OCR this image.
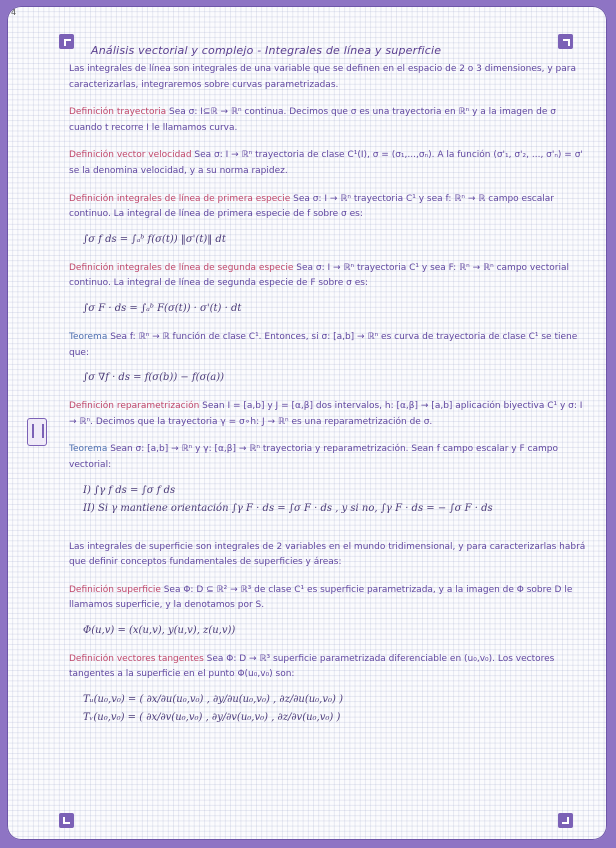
4
Análisis vectorial y complejo - Integrales de línea y superficie

Las integrales de línea son integrales de una variable que se definen en el espacio de 2 o 3 dimensiones, y para caracterizarlas, integraremos sobre curvas parametrizadas.

Definición trayectoria Sea σ: I⊆ℝ → ℝⁿ continua. Decimos que σ es una trayectoria en ℝⁿ y a la imagen de σ cuando t recorre I le llamamos curva.

Definición vector velocidad Sea σ: I → ℝⁿ trayectoria de clase C¹(I), σ = (σ₁,...,σₙ). A la función (σ'₁, σ'₂, ..., σ'ₙ) = σ' se la denomina velocidad, y a su norma rapidez.

Definición integrales de línea de primera especie Sea σ: I → ℝⁿ trayectoria C¹ y sea f: ℝⁿ → ℝ campo escalar continuo. La integral de línea de primera especie de f sobre σ es:

∫σ f ds = ∫ₐᵇ f(σ(t)) ‖σ'(t)‖ dt

Definición integrales de línea de segunda especie Sea σ: I → ℝⁿ trayectoria C¹ y sea F: ℝⁿ → ℝⁿ campo vectorial continuo. La integral de línea de segunda especie de F sobre σ es:

∫σ F · ds = ∫ₐᵇ F(σ(t)) · σ'(t) · dt

Teorema Sea f: ℝⁿ → ℝ función de clase C¹. Entonces, si σ: [a,b] → ℝⁿ es curva de trayectoria de clase C¹ se tiene que:

∫σ ∇f · ds = f(σ(b)) − f(σ(a))

Definición reparametrización Sean I = [a,b] y J = [α,β] dos intervalos, h: [α,β] → [a,b] aplicación biyectiva C¹ y σ: I → ℝⁿ. Decimos que la trayectoria γ = σ∘h: J → ℝⁿ es una reparametrización de σ.

Teorema Sean σ: [a,b] → ℝⁿ y γ: [α,β] → ℝⁿ trayectoria y reparametrización. Sean f campo escalar y F campo vectorial:

I) ∫γ f ds = ∫σ f ds
II) Si γ mantiene orientación ∫γ F · ds = ∫σ F · ds , y si no, ∫γ F · ds = − ∫σ F · ds

Las integrales de superficie son integrales de 2 variables en el mundo tridimensional, y para caracterizarlas habrá que definir conceptos fundamentales de superficies y áreas:

Definición superficie Sea Φ: D ⊆ ℝ² → ℝ³ de clase C¹ es superficie parametrizada, y a la imagen de Φ sobre D le llamamos superficie, y la denotamos por S.

Φ(u,v) = (x(u,v), y(u,v), z(u,v))

Definición vectores tangentes Sea Φ: D → ℝ³ superficie parametrizada diferenciable en (u₀,v₀). Los vectores tangentes a la superficie en el punto Φ(u₀,v₀) son:

Tᵤ(u₀,v₀) = ( ∂x/∂u(u₀,v₀) , ∂y/∂u(u₀,v₀) , ∂z/∂u(u₀,v₀) )
Tᵥ(u₀,v₀) = ( ∂x/∂v(u₀,v₀) , ∂y/∂v(u₀,v₀) , ∂z/∂v(u₀,v₀) )
